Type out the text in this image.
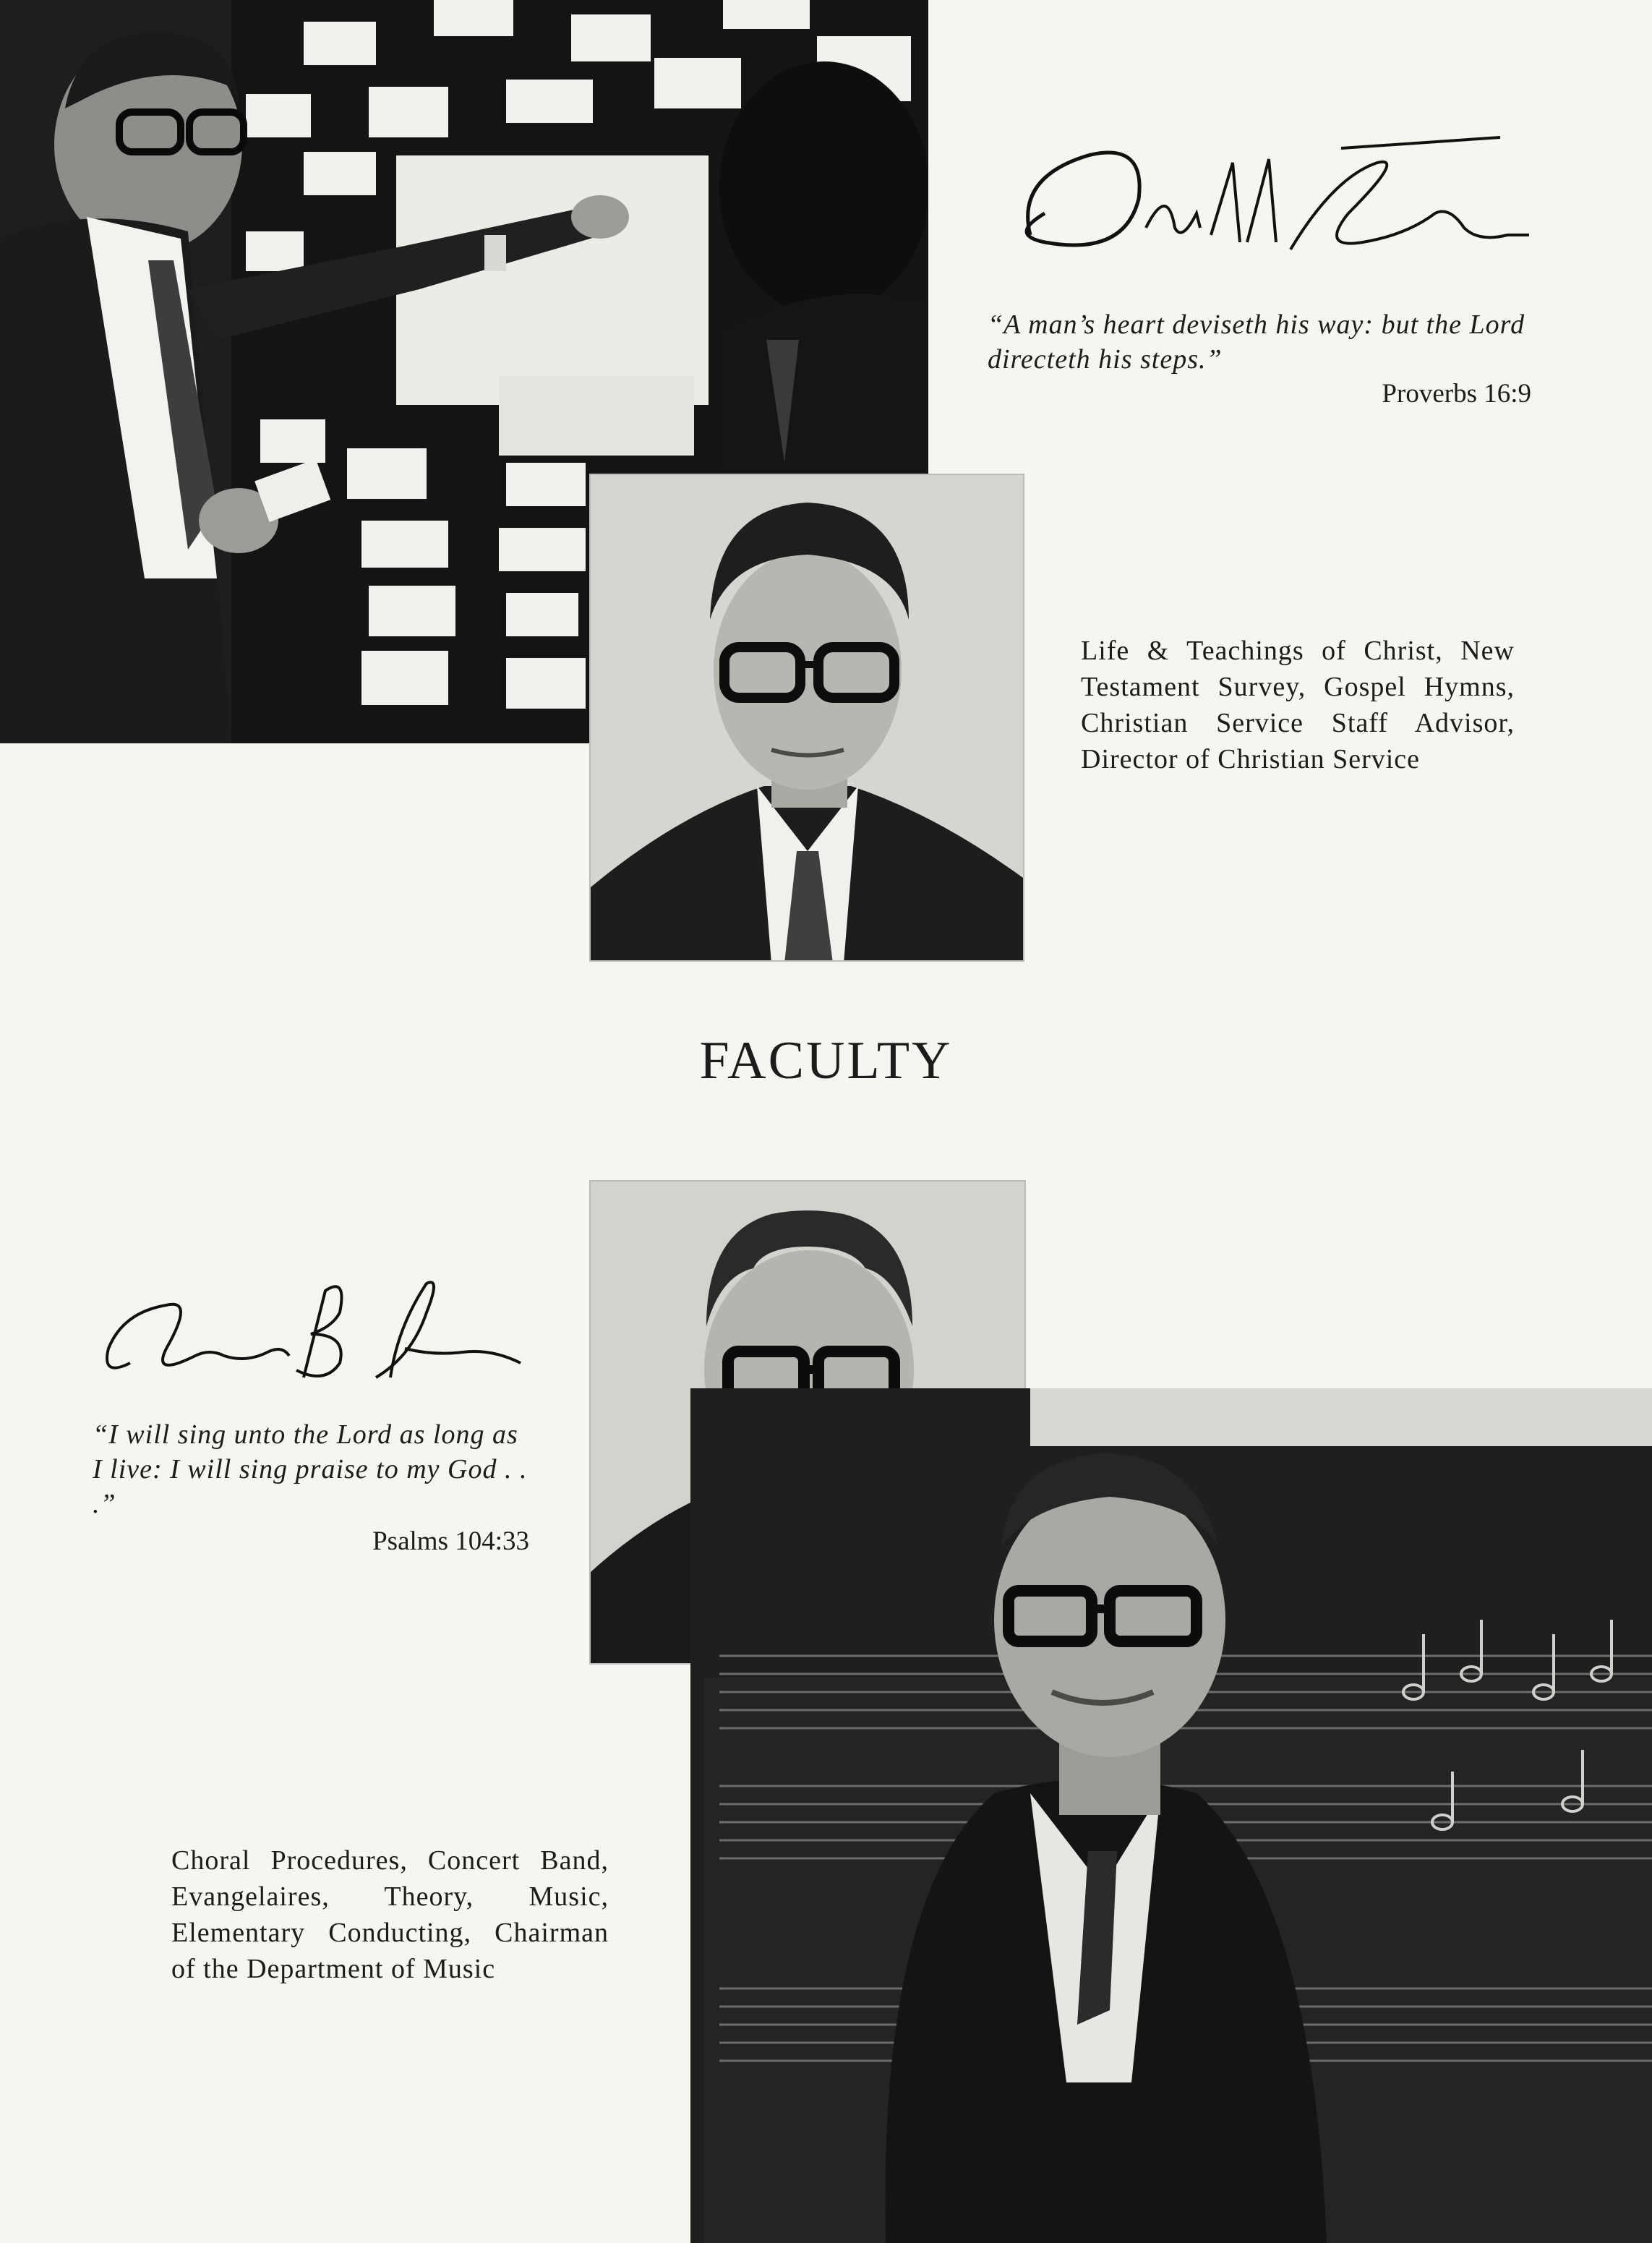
“A man’s heart deviseth his way: but the Lord directeth his steps.”
Proverbs 16:9
Life & Teachings of Christ, New Testament Survey, Gospel Hymns, Christian Service Staff Advisor, Director of Christian Service
FACULTY
“I will sing unto the Lord as long as I live: I will sing praise to my God . . .”
Psalms 104:33
Choral Procedures, Concert Band, Evangelaires, Theory, Music, Elementary Conducting, Chairman of the Department of Music
